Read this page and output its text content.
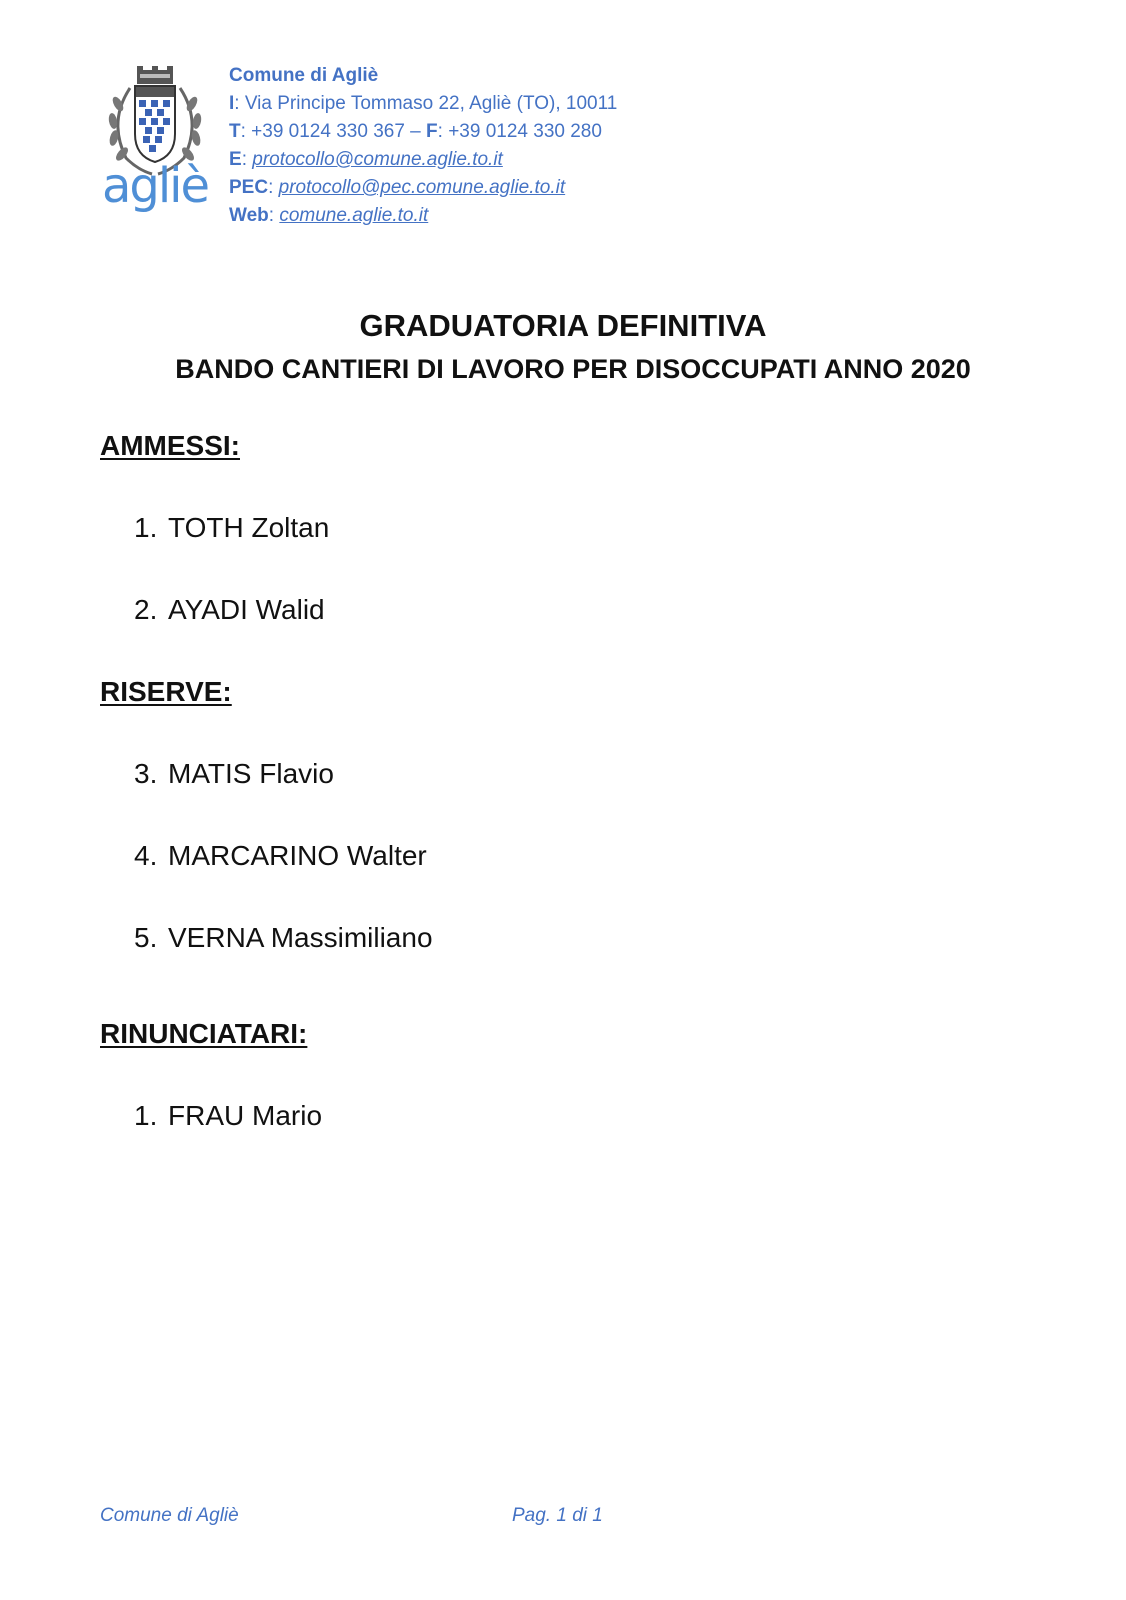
agliè
Comune di Agliè
I: Via Principe Tommaso 22, Agliè (TO), 10011
T: +39 0124 330 367 – F: +39 0124 330 280
E: protocollo@comune.aglie.to.it
PEC: protocollo@pec.comune.aglie.to.it
Web: comune.aglie.to.it
GRADUATORIA DEFINITIVA
BANDO CANTIERI DI LAVORO PER DISOCCUPATI ANNO 2020
AMMESSI:
1. TOTH Zoltan
2. AYADI Walid
RISERVE:
3. MATIS Flavio
4. MARCARINO Walter
5. VERNA Massimiliano
RINUNCIATARI:
1. FRAU Mario
Comune di Agliè	Pag. 1 di 1
